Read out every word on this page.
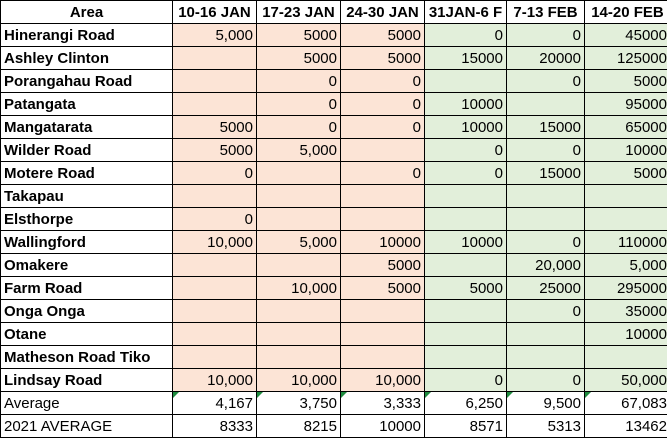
Area	10-16 JAN	17-23 JAN	24-30 JAN	31JAN-6 F	7-13 FEB	14-20 FEB
Hinerangi Road	5,000	5000	5000	0	0	45000
Ashley Clinton		5000	5000	15000	20000	125000
Porangahau Road		0	0		0	5000
Patangata		0	0	10000		95000
Mangatarata	5000	0	0	10000	15000	65000
Wilder Road	5000	5,000		0	0	10000
Motere Road	0		0	0	15000	5000
Takapau						
Elsthorpe	0					
Wallingford	10,000	5,000	10000	10000	0	110000
Omakere			5000		20,000	5,000
Farm Road		10,000	5000	5000	25000	295000
Onga Onga					0	35000
Otane						10000
Matheson Road Tiko						
Lindsay Road	10,000	10,000	10,000	0	0	50,000
Average	4,167	3,750	3,333	6,250	9,500	67,083
2021 AVERAGE	8333	8215	10000	8571	5313	13462
